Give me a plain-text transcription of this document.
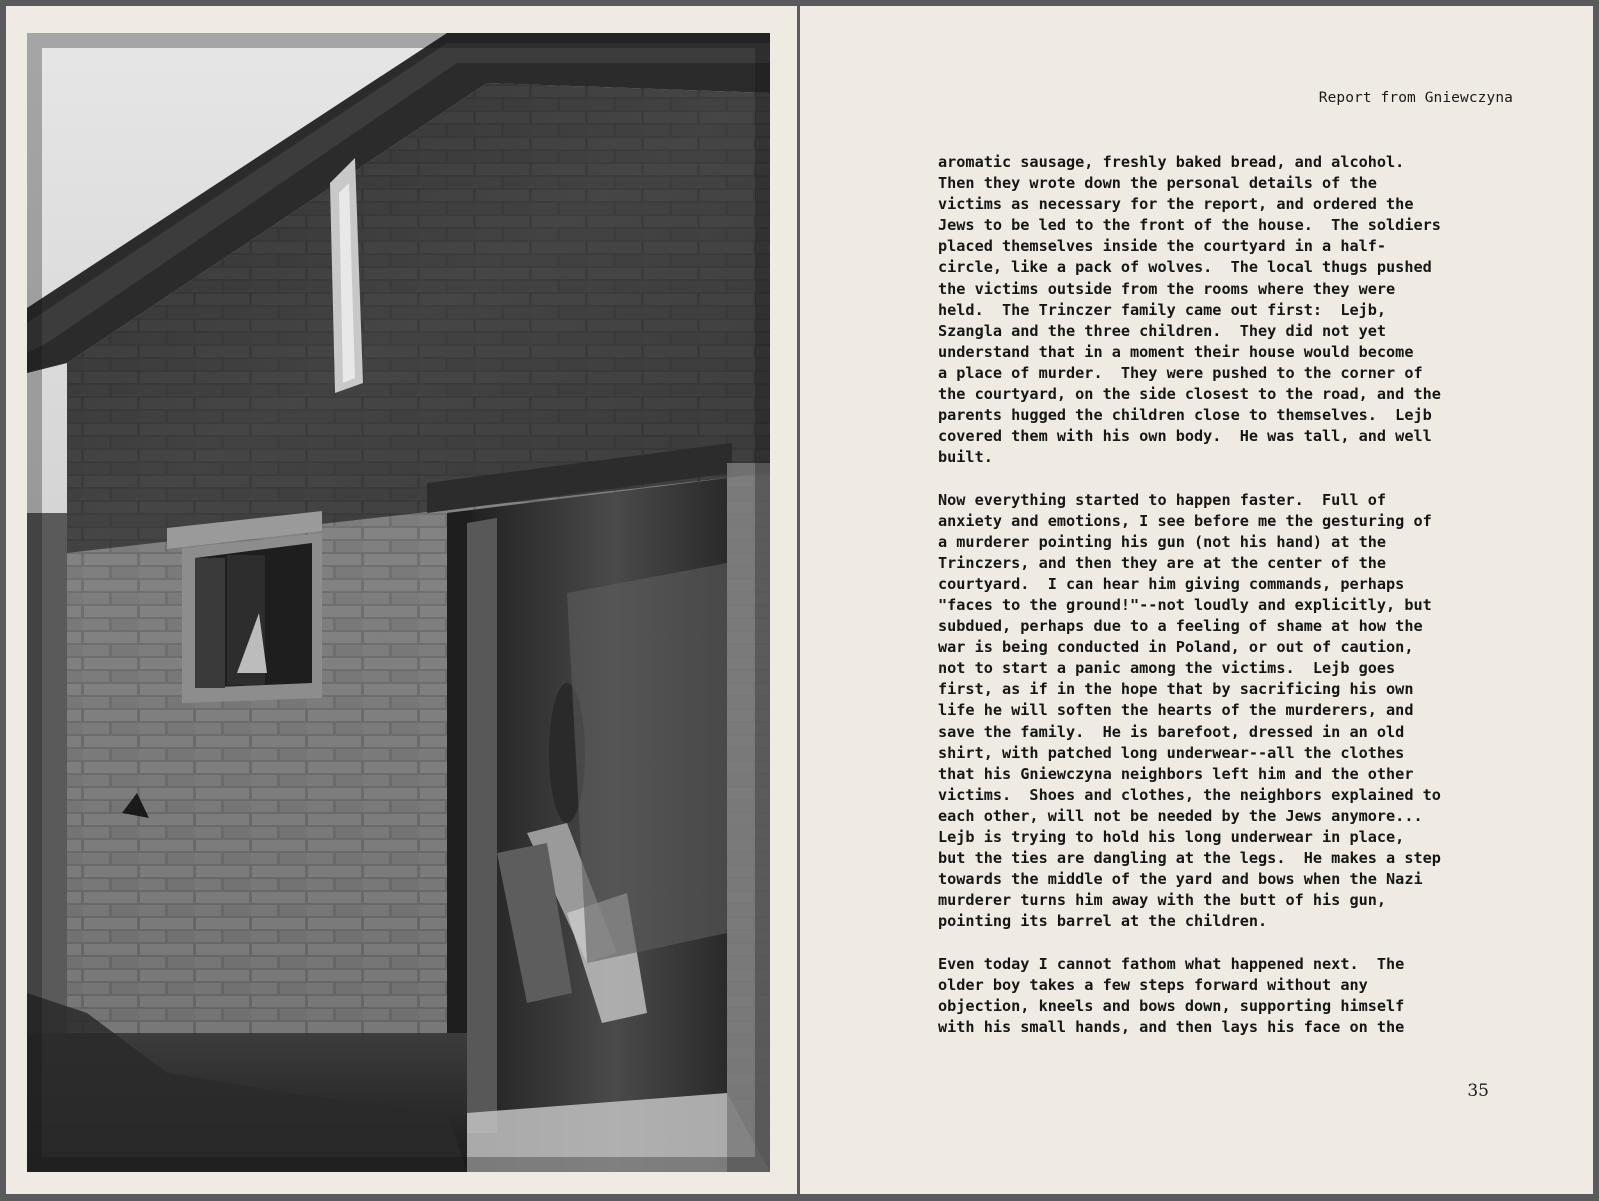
Report from Gniewczyna
aromatic sausage, freshly baked bread, and alcohol.
Then they wrote down the personal details of the
victims as necessary for the report, and ordered the
Jews to be led to the front of the house.  The soldiers
placed themselves inside the courtyard in a half-
circle, like a pack of wolves.  The local thugs pushed
the victims outside from the rooms where they were
held.  The Trinczer family came out first:  Lejb,
Szangla and the three children.  They did not yet
understand that in a moment their house would become
a place of murder.  They were pushed to the corner of
the courtyard, on the side closest to the road, and the
parents hugged the children close to themselves.  Lejb
covered them with his own body.  He was tall, and well
built.
Now everything started to happen faster.  Full of
anxiety and emotions, I see before me the gesturing of
a murderer pointing his gun (not his hand) at the
Trinczers, and then they are at the center of the
courtyard.  I can hear him giving commands, perhaps
"faces to the ground!"--not loudly and explicitly, but
subdued, perhaps due to a feeling of shame at how the
war is being conducted in Poland, or out of caution,
not to start a panic among the victims.  Lejb goes
first, as if in the hope that by sacrificing his own
life he will soften the hearts of the murderers, and
save the family.  He is barefoot, dressed in an old
shirt, with patched long underwear--all the clothes
that his Gniewczyna neighbors left him and the other
victims.  Shoes and clothes, the neighbors explained to
each other, will not be needed by the Jews anymore...
Lejb is trying to hold his long underwear in place,
but the ties are dangling at the legs.  He makes a step
towards the middle of the yard and bows when the Nazi
murderer turns him away with the butt of his gun,
pointing its barrel at the children.
Even today I cannot fathom what happened next.  The
older boy takes a few steps forward without any
objection, kneels and bows down, supporting himself
with his small hands, and then lays his face on the
35
